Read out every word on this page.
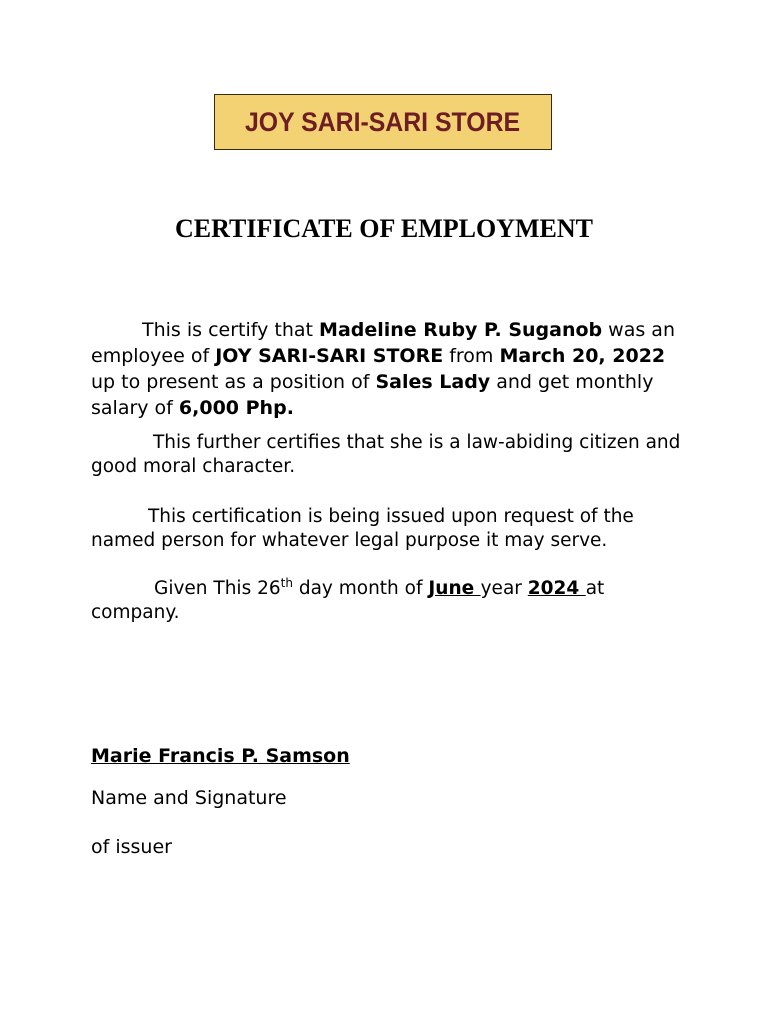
JOY SARI-SARI STORE
CERTIFICATE OF EMPLOYMENT
This is certify that Madeline Ruby P. Suganob was an employee of JOY SARI-SARI STORE from March 20, 2022 up to present as a position of Sales Lady and get monthly salary of 6,000 Php.
This further certifies that she is a law-abiding citizen and good moral character.
This certification is being issued upon request of the named person for whatever legal purpose it may serve.
Given This 26th day month of June year 2024 at company.
Marie Francis P. Samson
Name and Signature
of issuer
